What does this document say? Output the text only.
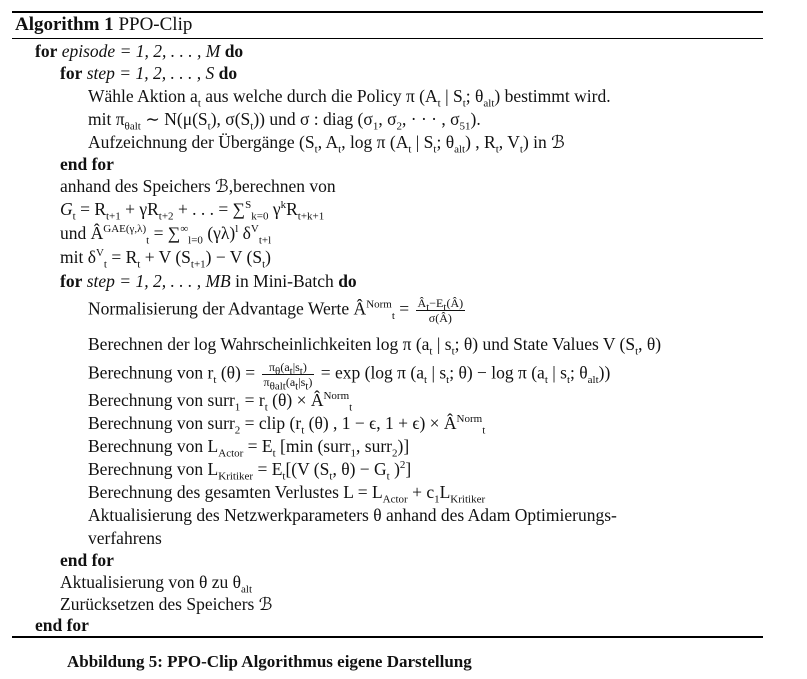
Algorithm 1 PPO-Clip
for episode = 1, 2, . . . , M do
for step = 1, 2, . . . , S do
Wähle Aktion $a_t$ aus welche durch die Policy π ($A_t$ | $S_t$; $\theta_{alt}$) bestimmt wird.
mit $\pi_{\theta alt}$ ∼ $N(\mu(S_t)$, $\sigma(S_t)$) und σ : diag ($\sigma_1$, $\sigma_2$, · · · , $\sigma_{51}$).
Aufzeichnung der Übergänge ($S_t$, $A_t$, log π ($A_t$ | $S_t$; $\theta_{alt}$) , $R_t$, $V_t$) in ℬ
end for
anhand des Speichers ℬ,berechnen von
$G_t = R_{t+1} + \gamma R_{t+2}$ + . . . = ∑$^S_{k=0}$ $\gamma^kR_{t+k+1}$
und $Â^{GAE(\gamma,\lambda)}_t = \sum^\infty_{l=0}$ $(\gamma\lambda)^l$ $\delta^V_{t+l}$
mit $\delta^V_t = R_t + V$ $(S_{t+1}) - V$ $(S_t)$
for step = 1, 2, . . . , MB in Mini-Batch do
Normalisierung der Advantage Werte $Â^{Norm}_t = \frac{Â_t-E_t(Â)}{\sigma(Â)}$
Berechnen der log Wahrscheinlichkeiten log π ($a_t$ | $s_t$; θ) und State Values V ($S_t$, θ)
Berechnung von $r_t$ $(\theta) = \frac{\pi_\theta(a_t|s_t)}{\pi_{\theta alt}(a_t|s_t)} = \exp (\log$ π ($a_t$ | $s_t$; θ) − log π ($a_t$ | $s_t$; $\theta_{alt}$))
Berechnung von surr$_1$ = $r_t$ $(\theta) \times Â^{Norm}_t$
Berechnung von surr$_2$ = clip ($r_t$ (θ) , 1 − ϵ, $1 + \epsilon) \times Â^{Norm}_t$
Berechnung von $L_{Actor} = E_t$ [min (surr$_1$, surr$_2$)]
Berechnung von $L_{Kritiker} = E_t[(V$ ($S_t$, $\theta) - G_t$ )$^2$]
Berechnung des gesamten Verlustes $L = L_{Actor} + c_1L_{Kritiker}$
Aktualisierung des Netzwerkparameters θ anhand des Adam Optimierungs-
verfahrens
end for
Aktualisierung von θ zu $\theta_{alt}$
Zurücksetzen des Speichers ℬ
end for
Abbildung 5: PPO-Clip Algorithmus eigene Darstellung
